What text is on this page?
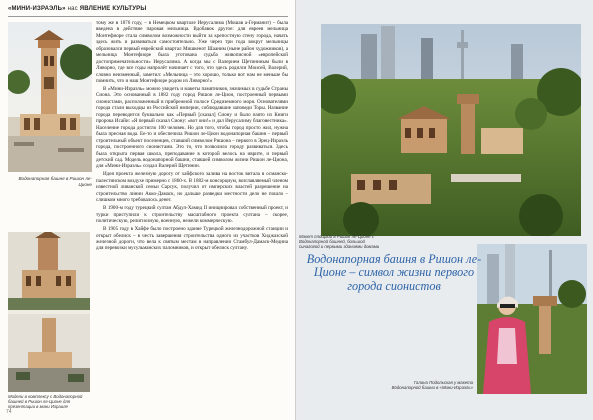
«МИНИ-ИЗРАЭЛЬ» нас ЯВЛЕНИЕ КУЛЬТУРЫ
Водонапорная башня в Ришон ле-Ционе
Модели в комплексу с Водонапорной башней в Ришон ле-Ционе для презентации в мини Израиле

тому же в 1876 году, – в Немецком квартале Иерусалима (Мошав а-Германит) – была введена в действие паровая мельница. Вдобавок другое: для евреев мельница Монтефиоре стала символом возможности выйти за крепостную стену города, начать здесь жить и развиваться самостоятельно. Уже через три года вокруг мельницы образовался первый еврейский квартал Мишкенот Шааним (ныне район художников), а мельница Монтефиоре была уготована судьба живописной «европейской достопримечательности» Иерусалима. А когда мы с Валерием Щетининым были в Ливорно, где все годы напролёт начинает с того, что здесь родился Моисей, Валерий, словно неизменный, заметил: «Мельница – это хорошо, только вот нам не меньше бы помнить, что и наш Монтефиоре родом из Ливорно!»

В «Мини-Израэль» можно увидеть и макеты памятников, значимых в судьбе Страны Сиона. Это основанный в 1882 году город Ришон ле-Цион, построенный первыми сионистами, расположенный в прибрежной полосе Средиземного моря. Основателями города стали выходцы из Российской империи, соблюдавшие заповеди Торы. Название города переводится буквально как «Первый [сказал] Сиону и было взято из Книги пророка Исайи: «Я первый сказал Сиону: «вот они!» и дал Иерусалиму благовестника». Население города достигло 100 человек. Но для того, чтобы город просто жил, нужна была пресная вода. Ее-то и обеспечила Ришон ле-Цион водонапорная башня – первый строительный объект поселенцев, ставший символом Ришона – первого в Эрец-Израэль города, построенного сионистами. Это то, что позволило городу развиваться. Здесь была открыта первая школа, преподавание в которой велось на иврите, и первый детский сад. Модель водонапорной башни, ставшей символом жизни Ришон ле-Циона, для «Мини-Израэль» создал Валерий Щетинин.

Идея проекта железную дорогу от хайфского залива на восток витала в османско-палестинском воздухе примерно с 1860-х. В 1882-м консорциум, возглавляемый членом известной ливанской семьи Сарсук, получил от имперских властей разрешение на строительство линии Акко-Дамаск, но дальше разведки местности дело не пошло – слишком много требовалось денег.

В 1900-м году турецкий султан Абдул-Хамид II инициировал собственный проект, и турки приступили к строительству масштабного проекта султана – скорее, политическую, религиозную, военную, нежели коммерческую.

В 1905 году в Хайфе было построено здание Турецкой железнодорожной станции и открыт обелиск – в честь завершения строительства одного из участков Хиджазской железной дороги, что вела к святым местам в направлении Стамбул-Дамаск-Медина для перевозки мусульманских паломников, и открыт обелиск султану.

74
Макет площади в Ришон ле-Ционе с Водонапорной башней, большой синагогой и первыми зданиями домами
Галина Подольская у макета Водонапорной башни в «Мини-Израэль»
Водонапорная башня в Ришон ле-Ционе – символ жизни первого города сионистов
